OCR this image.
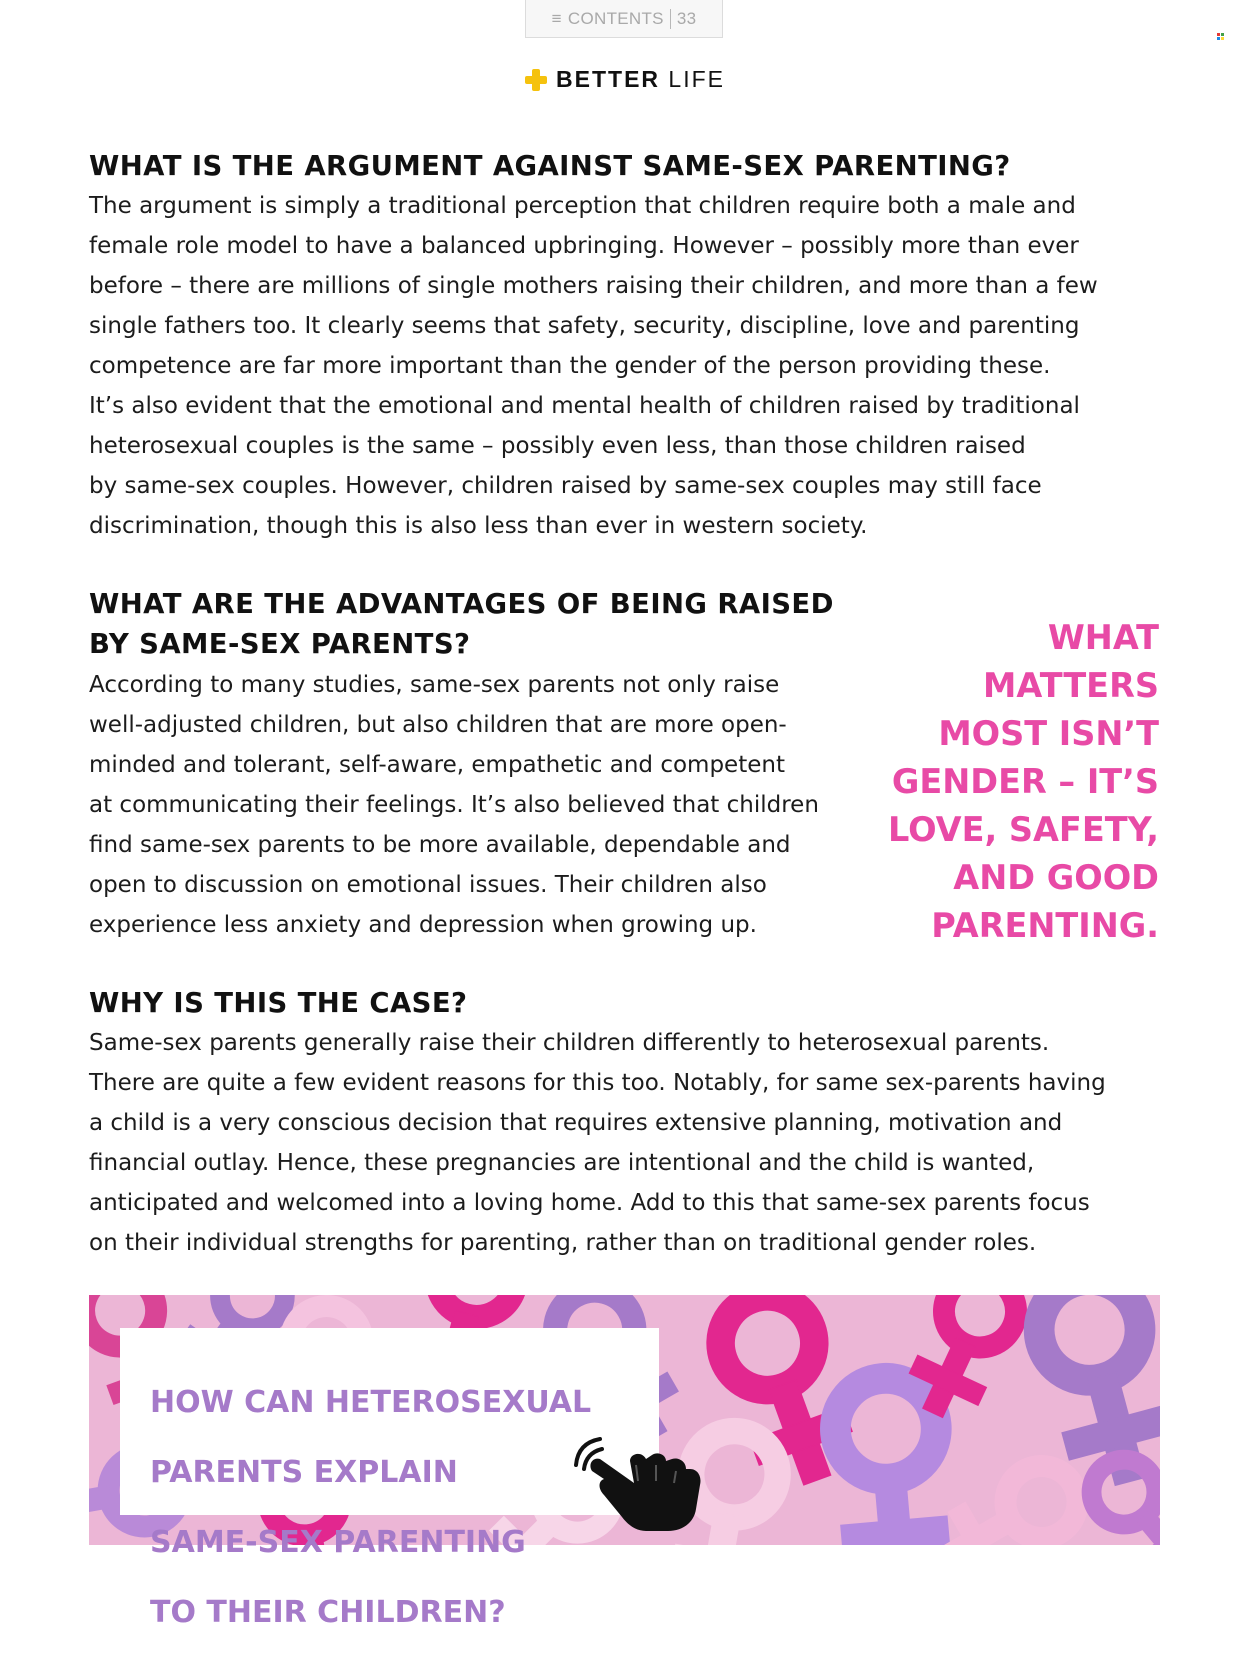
≡ CONTENTS 33
BETTER LIFE
WHAT IS THE ARGUMENT AGAINST SAME-SEX PARENTING?
The argument is simply a traditional perception that children require both a male and
female role model to have a balanced upbringing. However – possibly more than ever
before – there are millions of single mothers raising their children, and more than a few
single fathers too. It clearly seems that safety, security, discipline, love and parenting
competence are far more important than the gender of the person providing these.
It’s also evident that the emotional and mental health of children raised by traditional
heterosexual couples is the same – possibly even less, than those children raised
by same-sex couples. However, children raised by same-sex couples may still face
discrimination, though this is also less than ever in western society.
WHAT ARE THE ADVANTAGES OF BEING RAISED
BY SAME-SEX PARENTS?
According to many studies, same-sex parents not only raise
well-adjusted children, but also children that are more open-
minded and tolerant, self-aware, empathetic and competent
at communicating their feelings. It’s also believed that children
find same-sex parents to be more available, dependable and
open to discussion on emotional issues. Their children also
experience less anxiety and depression when growing up.
WHAT
MATTERS
MOST ISN’T
GENDER – IT’S
LOVE, SAFETY,
AND GOOD
PARENTING.
WHY IS THIS THE CASE?
Same-sex parents generally raise their children differently to heterosexual parents.
There are quite a few evident reasons for this too. Notably, for same sex-parents having
a child is a very conscious decision that requires extensive planning, motivation and
financial outlay. Hence, these pregnancies are intentional and the child is wanted,
anticipated and welcomed into a loving home. Add to this that same-sex parents focus
on their individual strengths for parenting, rather than on traditional gender roles.

HOW CAN HETEROSEXUAL

PARENTS EXPLAIN

SAME-SEX PARENTING

TO THEIR CHILDREN?
